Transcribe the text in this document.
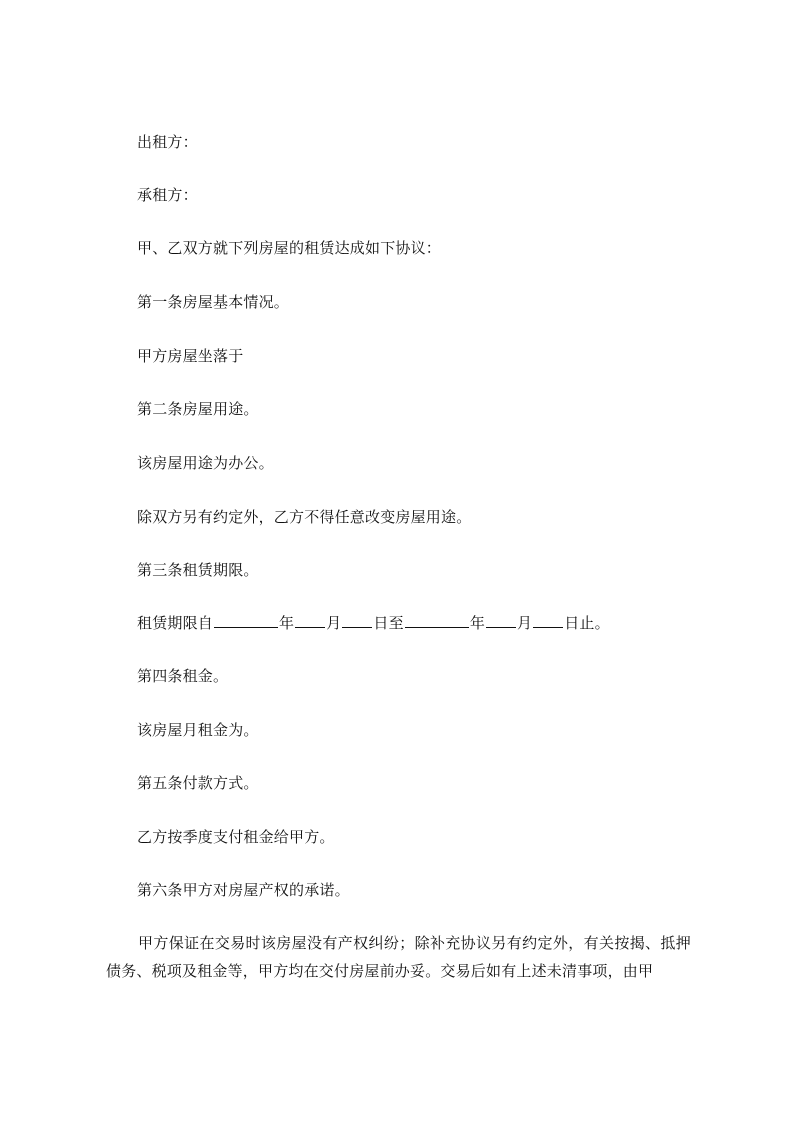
出租方：

承租方：

甲、乙双方就下列房屋的租赁达成如下协议：

第一条房屋基本情况。

甲方房屋坐落于

第二条房屋用途。

该房屋用途为办公。

除双方另有约定外，乙方不得任意改变房屋用途。

第三条租赁期限。

租赁期限自	年 月 日至	年 月 日止。

第四条租金。

该房屋月租金为。

第五条付款方式。

乙方按季度支付租金给甲方。

第六条甲方对房屋产权的承诺。

甲方保证在交易时该房屋没有产权纠纷；除补充协议另有约定外，有关按揭、抵押债务、税项及租金等，甲方均在交付房屋前办妥。交易后如有上述未清事项，由甲
